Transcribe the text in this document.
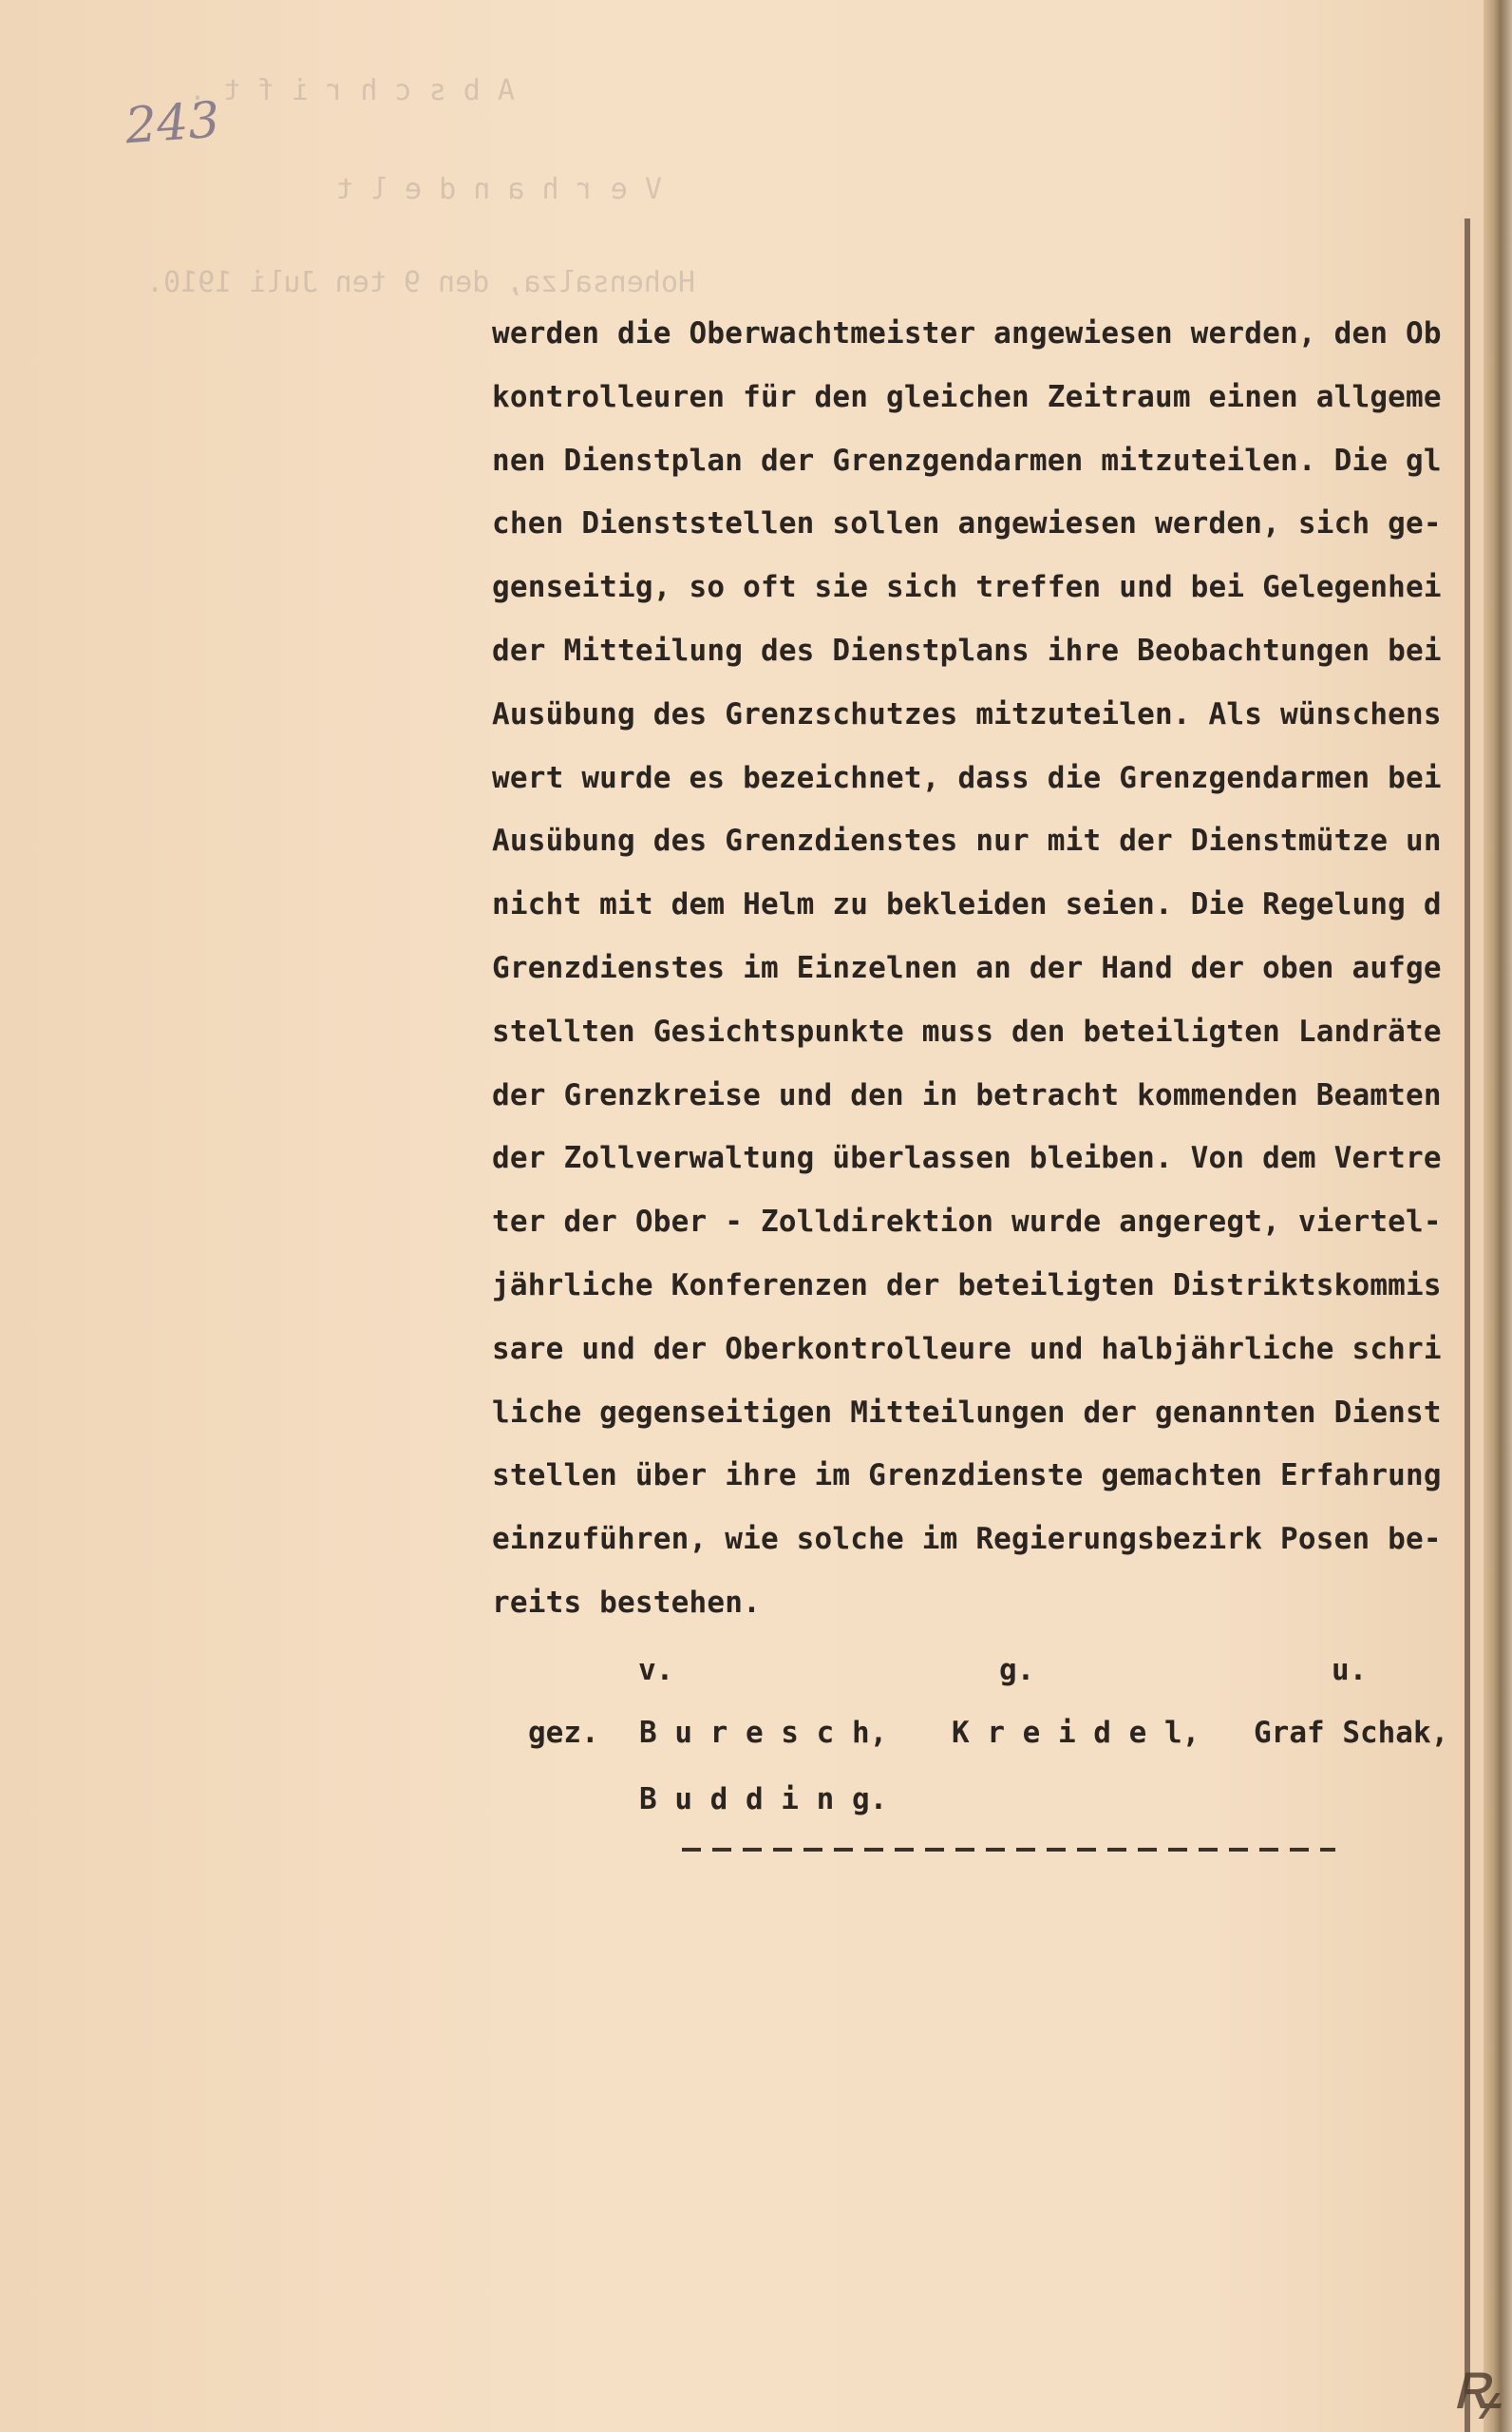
A b s c h r i f t .
V e r h a n d e l t
Hohensalza, den 9 ten Juli 1910.
243
werden die Oberwachtmeister angewiesen werden, den Ob
kontrolleuren für den gleichen Zeitraum einen allgeme
nen Dienstplan der Grenzgendarmen mitzuteilen. Die gl
chen Dienststellen sollen angewiesen werden, sich ge-
genseitig, so oft sie sich treffen und bei Gelegenhei
der Mitteilung des Dienstplans ihre Beobachtungen bei
Ausübung des Grenzschutzes mitzuteilen. Als wünschens
wert wurde es bezeichnet, dass die Grenzgendarmen bei
Ausübung des Grenzdienstes nur mit der Dienstmütze un
nicht mit dem Helm zu bekleiden seien. Die Regelung d
Grenzdienstes im Einzelnen an der Hand der oben aufge
stellten Gesichtspunkte muss den beteiligten Landräte
der Grenzkreise und den in betracht kommenden Beamten
der Zollverwaltung überlassen bleiben. Von dem Vertre
ter der Ober - Zolldirektion wurde angeregt, viertel-
jährliche Konferenzen der beteiligten Distriktskommis
sare und der Oberkontrolleure und halbjährliche schri
liche gegenseitigen Mitteilungen der genannten Dienst
stellen über ihre im Grenzdienste gemachten Erfahrung
einzuführen, wie solche im Regierungsbezirk Posen be-
reits bestehen.
v.	g.	u.
gez. B u r e s c h, K r e i d e l, Graf Schak,
B u d d i n g.
ꝶ
